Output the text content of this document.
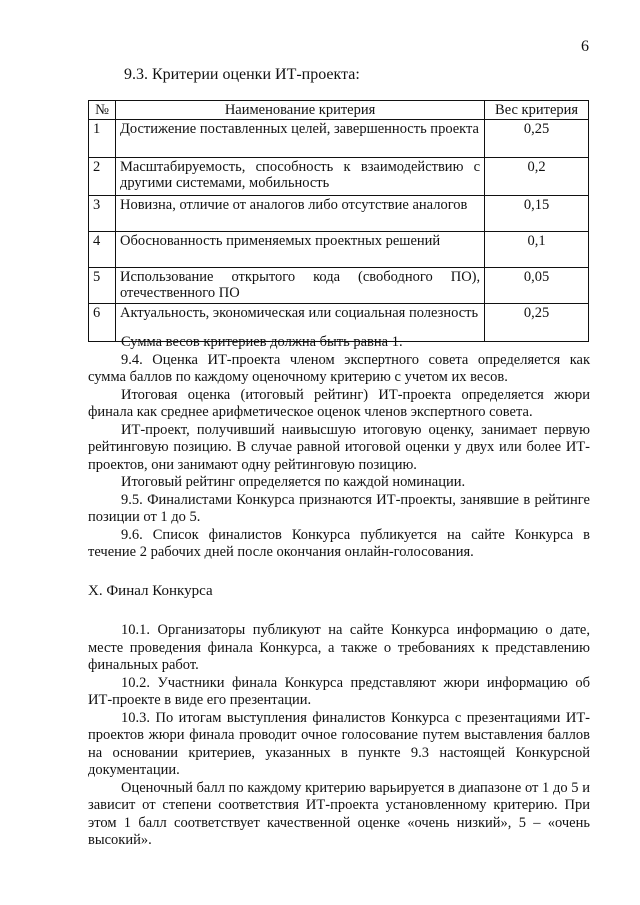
6
9.3. Критерии оценки ИТ-проекта:
№	Наименование критерия	Вес критерия
1	Достижение поставленных целей, завершенность проекта	0,25
2	Масштабируемость, способность к взаимодействию с другими системами, мобильность	0,2
3	Новизна, отличие от аналогов либо отсутствие аналогов	0,15
4	Обоснованность применяемых проектных решений	0,1
5	Использование открытого кода (свободного ПО), отечественного ПО	0,05
6	Актуальность, экономическая или социальная полезность	0,25

Сумма весов критериев должна быть равна 1.

9.4. Оценка ИТ-проекта членом экспертного совета определяется как сумма баллов по каждому оценочному критерию с учетом их весов.

Итоговая оценка (итоговый рейтинг) ИТ-проекта определяется жюри финала как среднее арифметическое оценок членов экспертного совета.

ИТ-проект, получивший наивысшую итоговую оценку, занимает первую рейтинговую позицию. В случае равной итоговой оценки у двух или более ИТ-проектов, они занимают одну рейтинговую позицию.

Итоговый рейтинг определяется по каждой номинации.

9.5. Финалистами Конкурса признаются ИТ-проекты, занявшие в рейтинге позиции от 1 до 5.

9.6. Список финалистов Конкурса публикуется на сайте Конкурса в течение 2 рабочих дней после окончания онлайн-голосования.

X. Финал Конкурса

10.1. Организаторы публикуют на сайте Конкурса информацию о дате, месте проведения финала Конкурса, а также о требованиях к представлению финальных работ.

10.2. Участники финала Конкурса представляют жюри информацию об ИТ-проекте в виде его презентации.

10.3. По итогам выступления финалистов Конкурса с презентациями ИТ-проектов жюри финала проводит очное голосование путем выставления баллов на основании критериев, указанных в пункте 9.3 настоящей Конкурсной документации.

Оценочный балл по каждому критерию варьируется в диапазоне от 1 до 5 и зависит от степени соответствия ИТ-проекта установленному критерию. При этом 1 балл соответствует качественной оценке «очень низкий», 5 – «очень высокий».
